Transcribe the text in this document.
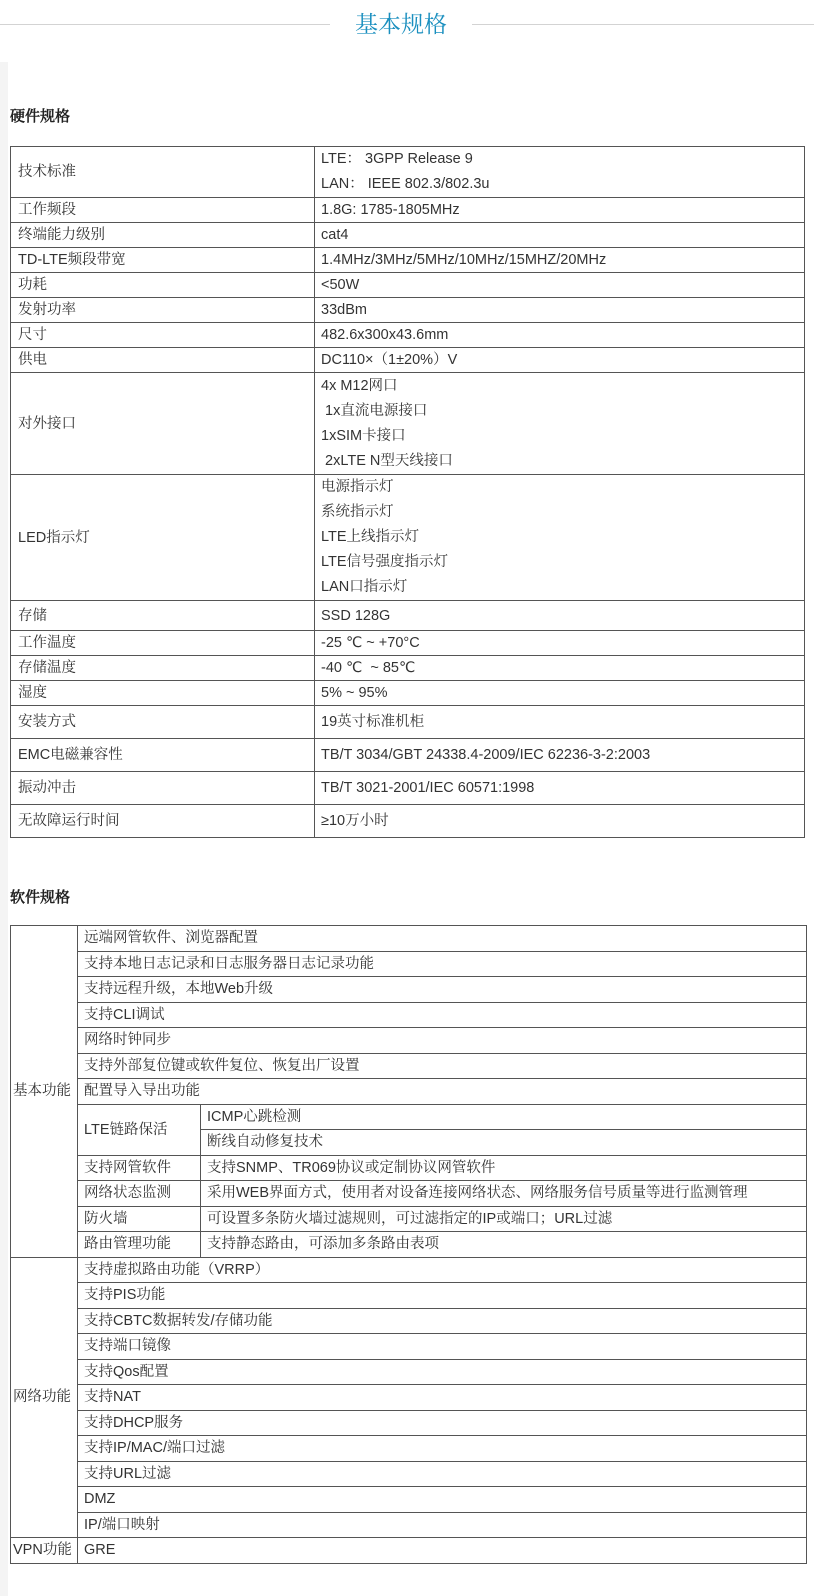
基本规格
硬件规格
技术标准	LTE： 3GPP Release 9
LAN： IEEE 802.3/802.3u

工作频段	1.8G: 1785-1805MHz
终端能力级别	cat4
TD-LTE频段带宽	1.4MHz/3MHz/5MHz/10MHz/15MHZ/20MHz
功耗	<50W
发射功率	33dBm
尺寸	482.6x300x43.6mm
供电	DC110×（1±20%）V
对外接口	4x M12网口
1x直流电源接口
1xSIM卡接口
2xLTE N型天线接口

LED指示灯	电源指示灯
系统指示灯
LTE上线指示灯
LTE信号强度指示灯
LAN口指示灯

存储	SSD 128G
工作温度	-25 ℃ ~ +70°C
存储温度	-40 ℃  ~ 85℃
湿度	5% ~ 95%
安装方式	19英寸标准机柜
EMC电磁兼容性	TB/T 3034/GBT 24338.4-2009/IEC 62236-3-2:2003
振动冲击	TB/T 3021-2001/IEC 60571:1998
无故障运行时间	≥10万小时
软件规格
基本功能	远端网管软件、浏览器配置	
	支持本地日志记录和日志服务器日志记录功能	
	支持远程升级，本地Web升级	
	支持CLI调试	
	网络时钟同步	
	支持外部复位键或软件复位、恢复出厂设置	
	配置导入导出功能	
	LTE链路保活	ICMP心跳检测
		断线自动修复技术
	支持网管软件	支持SNMP、TR069协议或定制协议网管软件
	网络状态监测	采用WEB界面方式，使用者对设备连接网络状态、网络服务信号质量等进行监测管理
	防火墙	可设置多条防火墙过滤规则，可过滤指定的IP或端口；URL过滤
	路由管理功能	支持静态路由，可添加多条路由表项
网络功能	支持虚拟路由功能（VRRP）	
	支持PIS功能	
	支持CBTC数据转发/存储功能	
	支持端口镜像	
	支持Qos配置	
	支持NAT	
	支持DHCP服务	
	支持IP/MAC/端口过滤	
	支持URL过滤	
	DMZ	
	IP/端口映射	
VPN功能	GRE	
